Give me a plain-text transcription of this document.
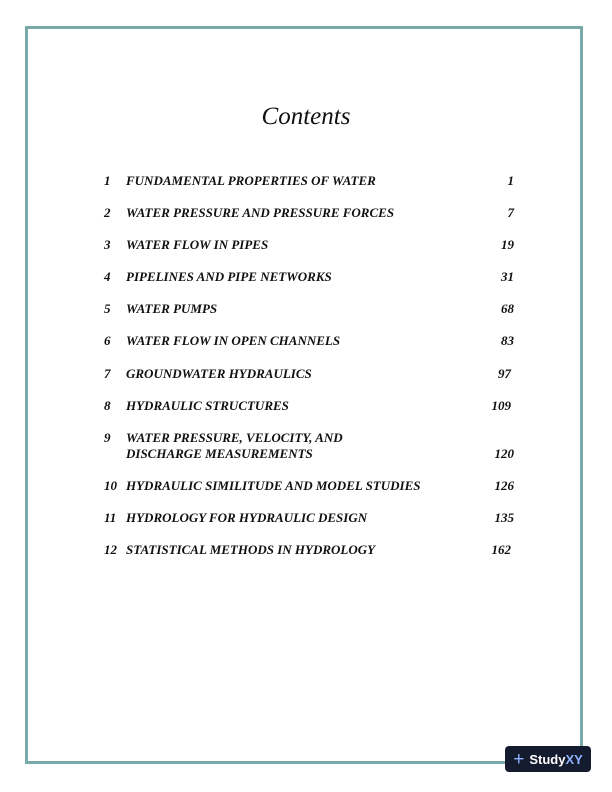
Contents
1	FUNDAMENTAL PROPERTIES OF WATER	1
2	WATER PRESSURE AND PRESSURE FORCES	7
3	WATER FLOW IN PIPES	19
4	PIPELINES AND PIPE NETWORKS	31
5	WATER PUMPS	68
6	WATER FLOW IN OPEN CHANNELS	83
7	GROUNDWATER HYDRAULICS	97
8	HYDRAULIC STRUCTURES	109
9	WATER PRESSURE, VELOCITY, AND
DISCHARGE MEASUREMENTS	120
10 HYDRAULIC SIMILITUDE AND MODEL STUDIES	126
11 HYDROLOGY FOR HYDRAULIC DESIGN	135
12 STATISTICAL METHODS IN HYDROLOGY	162
+ StudyXY
